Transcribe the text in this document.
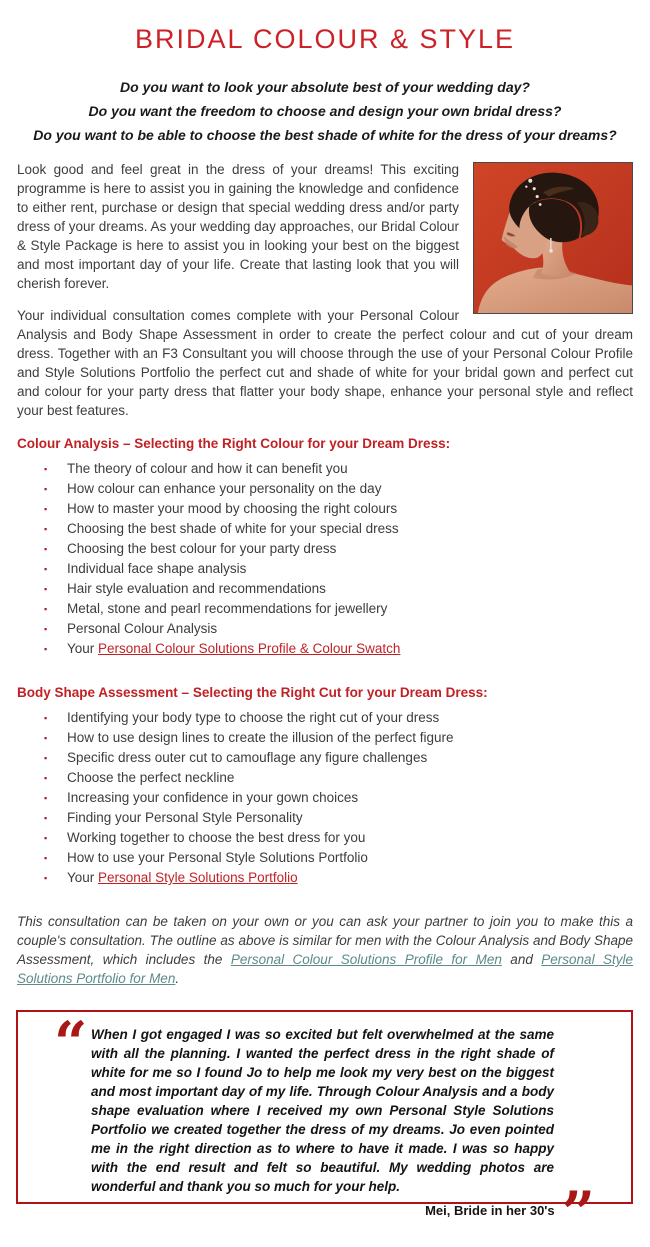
BRIDAL COLOUR & STYLE
Do you want to look your absolute best of your wedding day?
Do you want the freedom to choose and design your own bridal dress?
Do you want to be able to choose the best shade of white for the dress of your dreams?

Look good and feel great in the dress of your dreams! This exciting programme is here to assist you in gaining the knowledge and confidence to either rent, purchase or design that special wedding dress and/or party dress of your dreams. As your wedding day approaches, our Bridal Colour & Style Package is here to assist you in looking your best on the biggest and most important day of your life. Create that lasting look that you will cherish forever.

Your individual consultation comes complete with your Personal Colour Analysis and Body Shape Assessment in order to create the perfect colour and cut of your dream dress. Together with an F3 Consultant you will choose through the use of your Personal Colour Profile and Style Solutions Portfolio the perfect cut and shade of white for your bridal gown and perfect cut and colour for your party dress that flatter your body shape, enhance your personal style and reflect your best features.

Colour Analysis – Selecting the Right Colour for your Dream Dress:
▪ The theory of colour and how it can benefit you
▪ How colour can enhance your personality on the day
▪ How to master your mood by choosing the right colours
▪ Choosing the best shade of white for your special dress
▪ Choosing the best colour for your party dress
▪ Individual face shape analysis
▪ Hair style evaluation and recommendations
▪ Metal, stone and pearl recommendations for jewellery
▪ Personal Colour Analysis
▪ Your Personal Colour Solutions Profile & Colour Swatch
Body Shape Assessment – Selecting the Right Cut for your Dream Dress:
▪ Identifying your body type to choose the right cut of your dress
▪ How to use design lines to create the illusion of the perfect figure
▪ Specific dress outer cut to camouflage any figure challenges
▪ Choose the perfect neckline
▪ Increasing your confidence in your gown choices
▪ Finding your Personal Style Personality
▪ Working together to choose the best dress for you
▪ How to use your Personal Style Solutions Portfolio
▪ Your Personal Style Solutions Portfolio

This consultation can be taken on your own or you can ask your partner to join you to make this a couple's consultation. The outline as above is similar for men with the Colour Analysis and Body Shape Assessment, which includes the Personal Colour Solutions Profile for Men and Personal Style Solutions Portfolio for Men.

“ When I got engaged I was so excited but felt overwhelmed at the same with all the planning. I wanted the perfect dress in the right shade of white for me so I found Jo to help me look my very best on the biggest and most important day of my life. Through Colour Analysis and a body shape evaluation where I received my own Personal Style Solutions Portfolio we created together the dress of my dreams. Jo even pointed me in the right direction as to where to have it made. I was so happy with the end result and felt so beautiful. My wedding photos are wonderful and thank you so much for your help.

Mei, Bride in her 30's ”
